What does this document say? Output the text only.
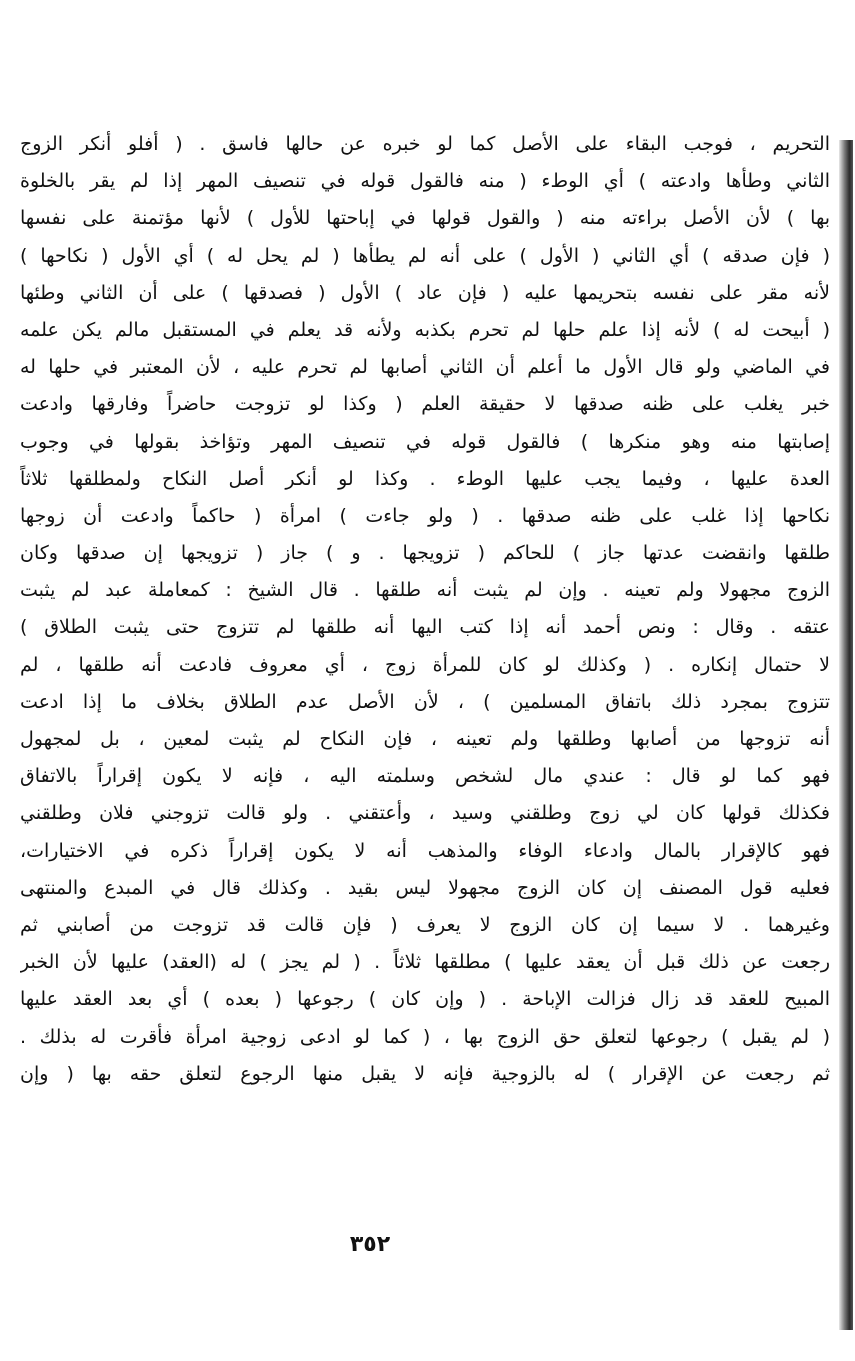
التحريم ، فوجب البقاء على الأصل كما لو خبره عن حالها فاسق . ( أفلو أنكر الزوج
الثاني وطأها وادعته ) أي الوطء ( منه فالقول قوله في تنصيف المهر إذا لم يقر بالخلوة
بها ) لأن الأصل براءته منه ( والقول قولها في إباحتها للأول ) لأنها مؤتمنة على نفسها
( فإن صدقه ) أي الثاني ( الأول ) على أنه لم يطأها ( لم يحل له ) أي الأول ( نكاحها )
لأنه مقر على نفسه بتحريمها عليه ( فإن عاد ) الأول ( فصدقها ) على أن الثاني وطئها
( أبيحت له ) لأنه إذا علم حلها لم تحرم بكذبه ولأنه قد يعلم في المستقبل مالم يكن علمه
في الماضي ولو قال الأول ما أعلم أن الثاني أصابها لم تحرم عليه ، لأن المعتبر في حلها له
خبر يغلب على ظنه صدقها لا حقيقة العلم ( وكذا لو تزوجت حاضراً وفارقها وادعت
إصابتها منه وهو منكرها ) فالقول قوله في تنصيف المهر وتؤاخذ بقولها في وجوب
العدة عليها ، وفيما يجب عليها الوطء . وكذا لو أنكر أصل النكاح ولمطلقها ثلاثاً
نكاحها إذا غلب على ظنه صدقها . ( ولو جاءت ) امرأة ( حاكماً وادعت أن زوجها
طلقها وانقضت عدتها جاز ) للحاكم ( تزويجها . و ) جاز ( تزويجها إن صدقها وكان
الزوج مجهولا ولم تعينه . وإن لم يثبت أنه طلقها . قال الشيخ : كمعاملة عبد لم يثبت
عتقه . وقال : ونص أحمد أنه إذا كتب اليها أنه طلقها لم تتزوج حتى يثبت الطلاق )
لا حتمال إنكاره . ( وكذلك لو كان للمرأة زوج ، أي معروف فادعت أنه طلقها ، لم
تتزوج بمجرد ذلك باتفاق المسلمين ) ، لأن الأصل عدم الطلاق بخلاف ما إذا ادعت
أنه تزوجها من أصابها وطلقها ولم تعينه ، فإن النكاح لم يثبت لمعين ، بل لمجهول
فهو كما لو قال : عندي مال لشخص وسلمته اليه ، فإنه لا يكون إقراراً بالاتفاق
فكذلك قولها كان لي زوج وطلقني وسيد ، وأعتقني . ولو قالت تزوجني فلان وطلقني
فهو كالإقرار بالمال وادعاء الوفاء والمذهب أنه لا يكون إقراراً ذكره في الاختيارات،
فعليه قول المصنف إن كان الزوج مجهولا ليس بقيد . وكذلك قال في المبدع والمنتهى
وغيرهما . لا سيما إن كان الزوج لا يعرف ( فإن قالت قد تزوجت من أصابني ثم
رجعت عن ذلك قبل أن يعقد عليها ) مطلقها ثلاثاً . ( لم يجز ) له (العقد) عليها لأن الخبر
المبيح للعقد قد زال فزالت الإباحة . ( وإن كان ) رجوعها ( بعده ) أي بعد العقد عليها
( لم يقبل ) رجوعها لتعلق حق الزوج بها ، ( كما لو ادعى زوجية امرأة فأقرت له بذلك .
ثم رجعت عن الإقرار ) له بالزوجية فإنه لا يقبل منها الرجوع لتعلق حقه بها ( وإن
٣٥٢
